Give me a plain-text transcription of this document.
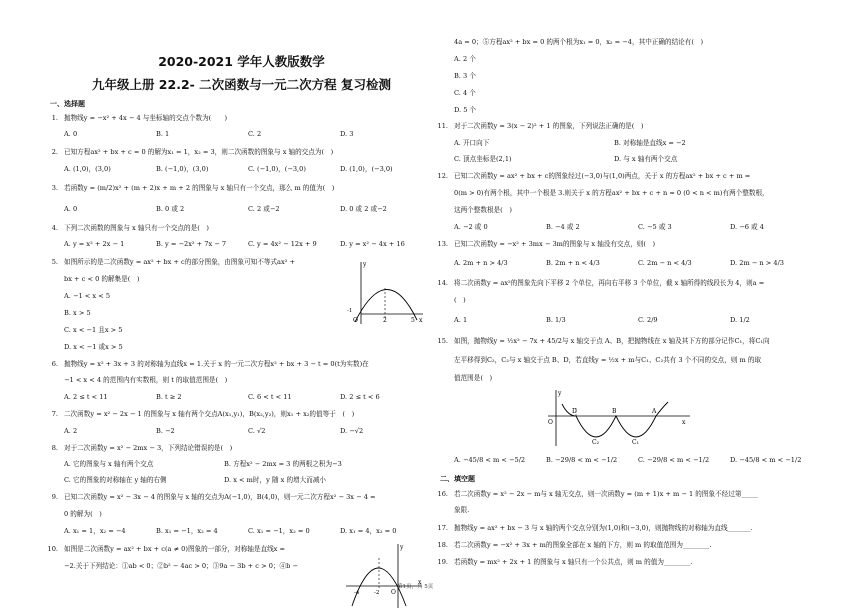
2020-2021 学年人教版数学
九年级上册 22.2- 二次函数与一元二次方程 复习检测
一、选择题
1. 抛物线y = −x² + 4x − 4 与坐标轴的交点个数为(　　)
A. 0	B. 1	C. 2	D. 3
2. 已知方程ax² + bx + c = 0 的解为x₁ = 1，x₂ = 3，则二次函数的图象与 x 轴的交点为(　)
A. (1,0)，(3,0)	B. (−1,0)，(3,0)	C. (−1,0)，(−3,0)	D. (1,0)，(−3,0)
3. 若函数y = (m/2)x² + (m + 2)x + m + 2 的图象与 x 轴只有一个交点，那么 m 的值为(　)
A. 0	B. 0 或 2	C. 2 或−2	D. 0 或 2 或−2
4. 下列二次函数的图象与 x 轴只有一个交点的是(　)
A. y = x² + 2x − 1	B. y = −2x² + 7x − 7	C. y = 4x² − 12x + 9	D. y = x² − 4x + 16
5. 如图所示的是二次函数y = ax² + bx + c的部分图象，由图象可知不等式ax² +
bx + c < 0 的解集是(　)
A. −1 < x < 5
B. x > 5
C. x < −1 且x > 5
D. x < −1 或x > 5
y
O
-1
2	5 x
6. 抛物线y = x² + 3x + 3 的对称轴为直线x = 1.关于 x 的一元二次方程x² + bx + 3 − t = 0(t为实数)在
−1 < x < 4 的范围内有实数根，则 t 的取值范围是(　)
A. 2 ≤ t < 11	B. t ≥ 2	C. 6 < t < 11	D. 2 ≤ t < 6
7. 二次函数y = x² − 2x − 1 的图象与 x 轴有两个交点A(x₁,y₁)，B(x₂,y₂)，则x₁ + x₂的值等于　(　)
A. 2	B. −2	C. √2	D. −√2
8. 对于二次函数y = x² − 2mx − 3，下列结论错误的是(　)
A. 它的图象与 x 轴有两个交点	B. 方程x² − 2mx = 3 的两根之积为−3
C. 它的图象的对称轴在 y 轴的右侧	D. x < m时，y 随 x 的增大而减小
9. 已知二次函数y = x² − 3x − 4 的图象与 x 轴的交点为A(−1,0)，B(4,0)，则一元二次方程x² − 3x − 4 =
0 的解为(　)
A. x₁ = 1，x₂ = −4	B. x₁ = −1，x₂ = 4	C. x₁ = −1，x₂ = 0	D. x₁ = 4，x₂ = 0
10. 如图是二次函数y = ax² + bx + c(a ≠ 0)图象的一部分，对称轴是直线x =
−2.关于下列结论：①ab < 0；②b² − 4ac > 0；③9a − 3b + c > 0；④b −
y
-4	-2 O
x
第1页，共 5页
4a = 0；⑤方程ax² + bx = 0 的两个根为x₁ = 0，x₂ = −4，其中正确的结论有(　)
A. 2 个
B. 3 个
C. 4 个
D. 5 个
11. 对于二次函数y = 3(x − 2)² + 1 的图象，下列说法正确的是(　)
A. 开口向下	B. 对称轴是直线x = −2
C. 顶点坐标是(2,1)	D. 与 x 轴有两个交点
12. 已知二次函数y = ax² + bx + c的图象经过(−3,0)与(1,0)两点，关于 x 的方程ax² + bx + c + m =
0(m > 0)有两个根，其中一个根是 3.则关于 x 的方程ax² + bx + c + n = 0 (0 < n < m)有两个整数根，
这两个整数根是(　)
A. −2 或 0	B. −4 或 2	C. −5 或 3	D. −6 或 4
13. 已知二次函数y = −x² + 3mx − 3m的图象与 x 轴没有交点，则(　)
A. 2m + n > 4/3	B. 2m + n < 4/3	C. 2m − n < 4/3	D. 2m − n > 4/3
14. 将二次函数y = ax²的图象先向下平移 2 个单位，再向右平移 3 个单位，截 x 轴所得的线段长为 4，则a =
(　)
A. 1	B. 1/3	C. 2/9	D. 1/2
15. 如图，抛物线y = ½x² − 7x + 45/2与 x 轴交于点 A、B，把抛物线在 x 轴及其下方的部分记作C₁，将C₁向
左平移得到C₂，C₂与 x 轴交于点 B、D，若直线y = ½x + m与C₁、C₂共有 3 个不同的交点，则 m 的取
值范围是(　)
y
O
D	B	A
x
C₂	C₁
A. −45/8 < m < −5/2	B. −29/8 < m < −1/2	C. −29/8 < m < −1/2	D. −45/8 < m < −1/2
二、填空题
16. 若二次函数y = x² − 2x − m与 x 轴无交点，则一次函数y = (m + 1)x + m − 1 的图象不经过第_____
象限.
17. 抛物线y = ax² + bx − 3 与 x 轴的两个交点分别为(1,0)和(−3,0)，则抛物线的对称轴为直线_______.
18. 若二次函数y = −x² + 3x + m的图象全部在 x 轴的下方，则 m 的取值范围为________.
19. 若函数y = mx² + 2x + 1 的图象与 x 轴只有一个公共点，则 m 的值为________.
